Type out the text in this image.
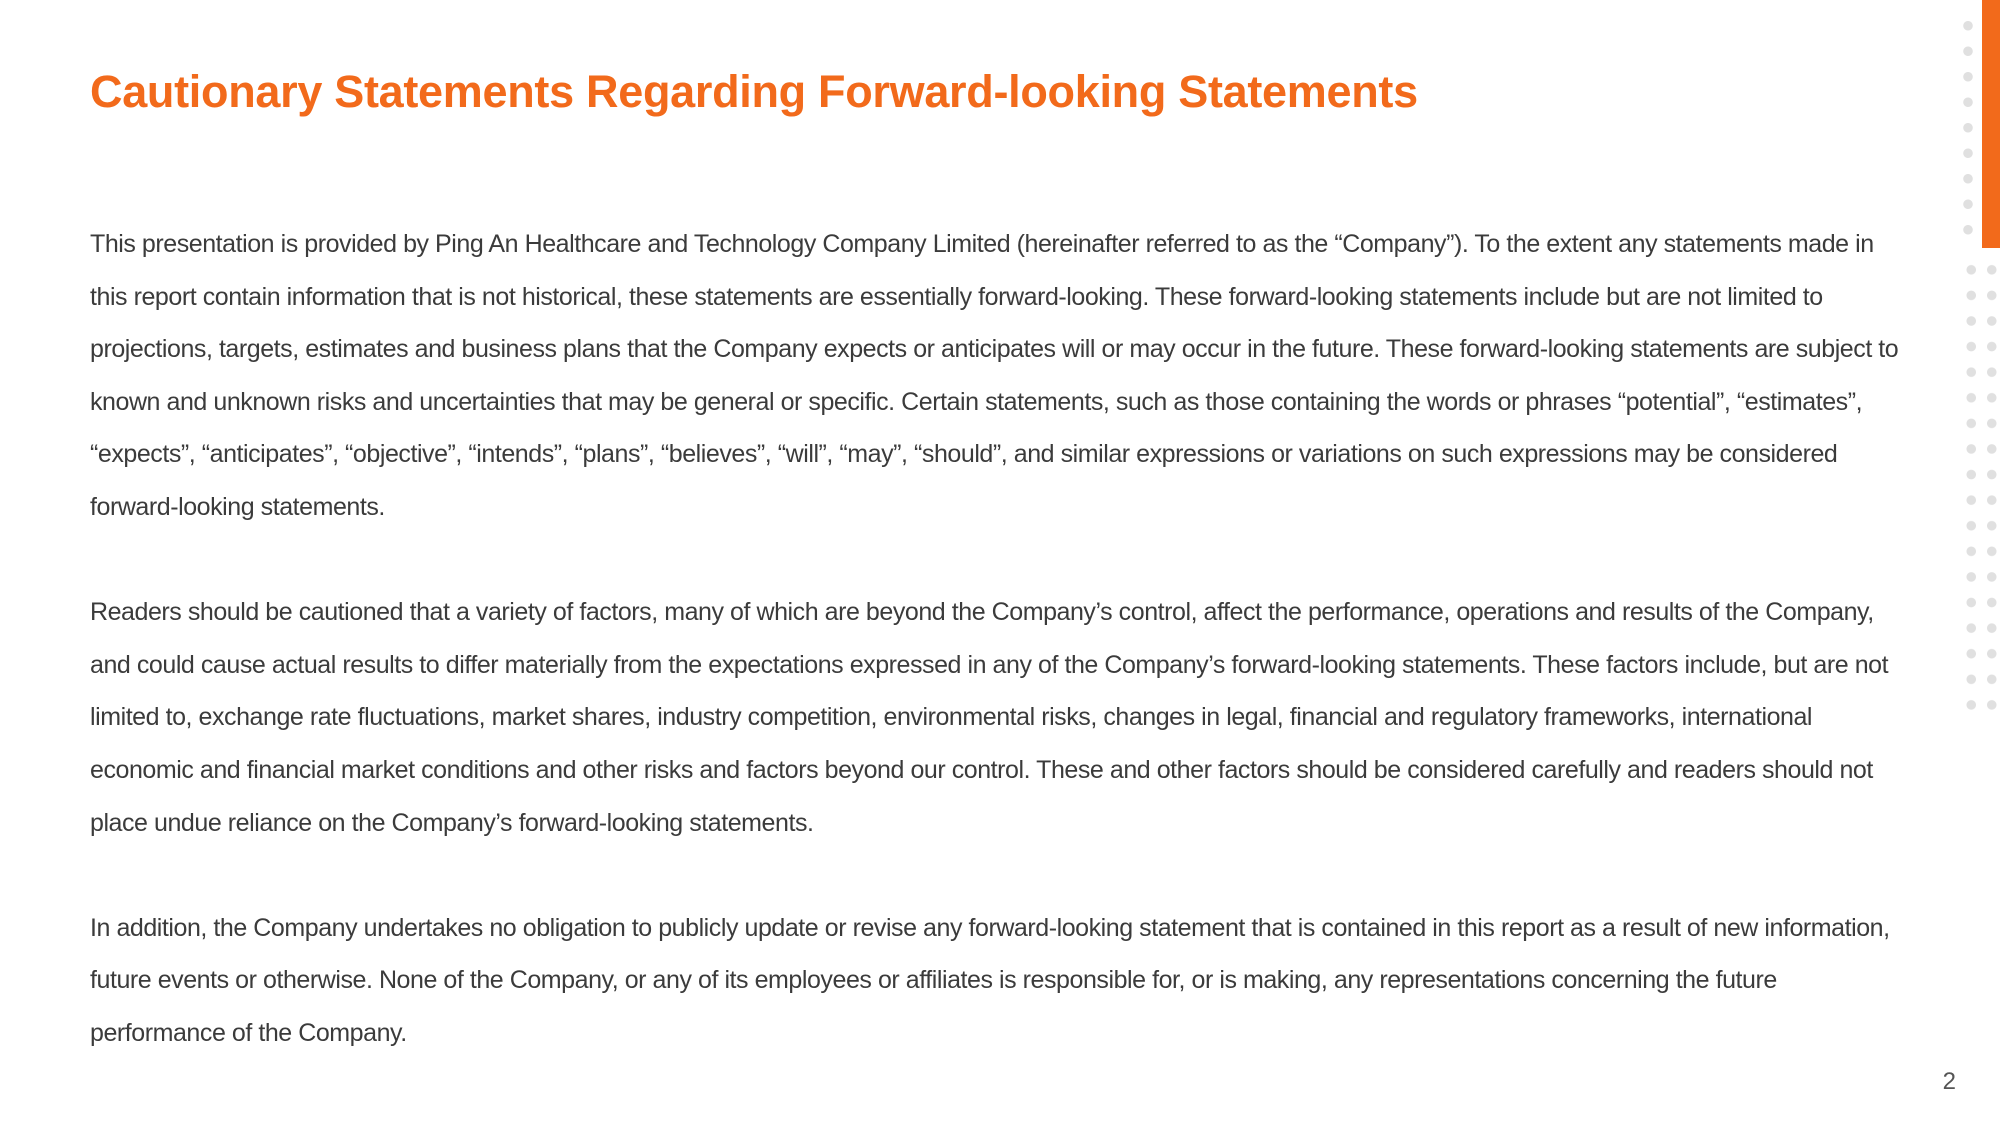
Cautionary Statements Regarding Forward-looking Statements

This presentation is provided by Ping An Healthcare and Technology Company Limited (hereinafter referred to as the “Company”). To the extent any statements made in this report contain information that is not historical, these statements are essentially forward-looking. These forward-looking statements include but are not limited to projections, targets, estimates and business plans that the Company expects or anticipates will or may occur in the future. These forward-looking statements are subject to known and unknown risks and uncertainties that may be general or specific. Certain statements, such as those containing the words or phrases “potential”, “estimates”, “expects”, “anticipates”, “objective”, “intends”, “plans”, “believes”, “will”, “may”, “should”, and similar expressions or variations on such expressions may be considered forward-looking statements.

Readers should be cautioned that a variety of factors, many of which are beyond the Company’s control, affect the performance, operations and results of the Company, and could cause actual results to differ materially from the expectations expressed in any of the Company’s forward-looking statements. These factors include, but are not limited to, exchange rate fluctuations, market shares, industry competition, environmental risks, changes in legal, financial and regulatory frameworks, international economic and financial market conditions and other risks and factors beyond our control. These and other factors should be considered carefully and readers should not place undue reliance on the Company’s forward-looking statements.

In addition, the Company undertakes no obligation to publicly update or revise any forward-looking statement that is contained in this report as a result of new information, future events or otherwise. None of the Company, or any of its employees or affiliates is responsible for, or is making, any representations concerning the future performance of the Company.

2
